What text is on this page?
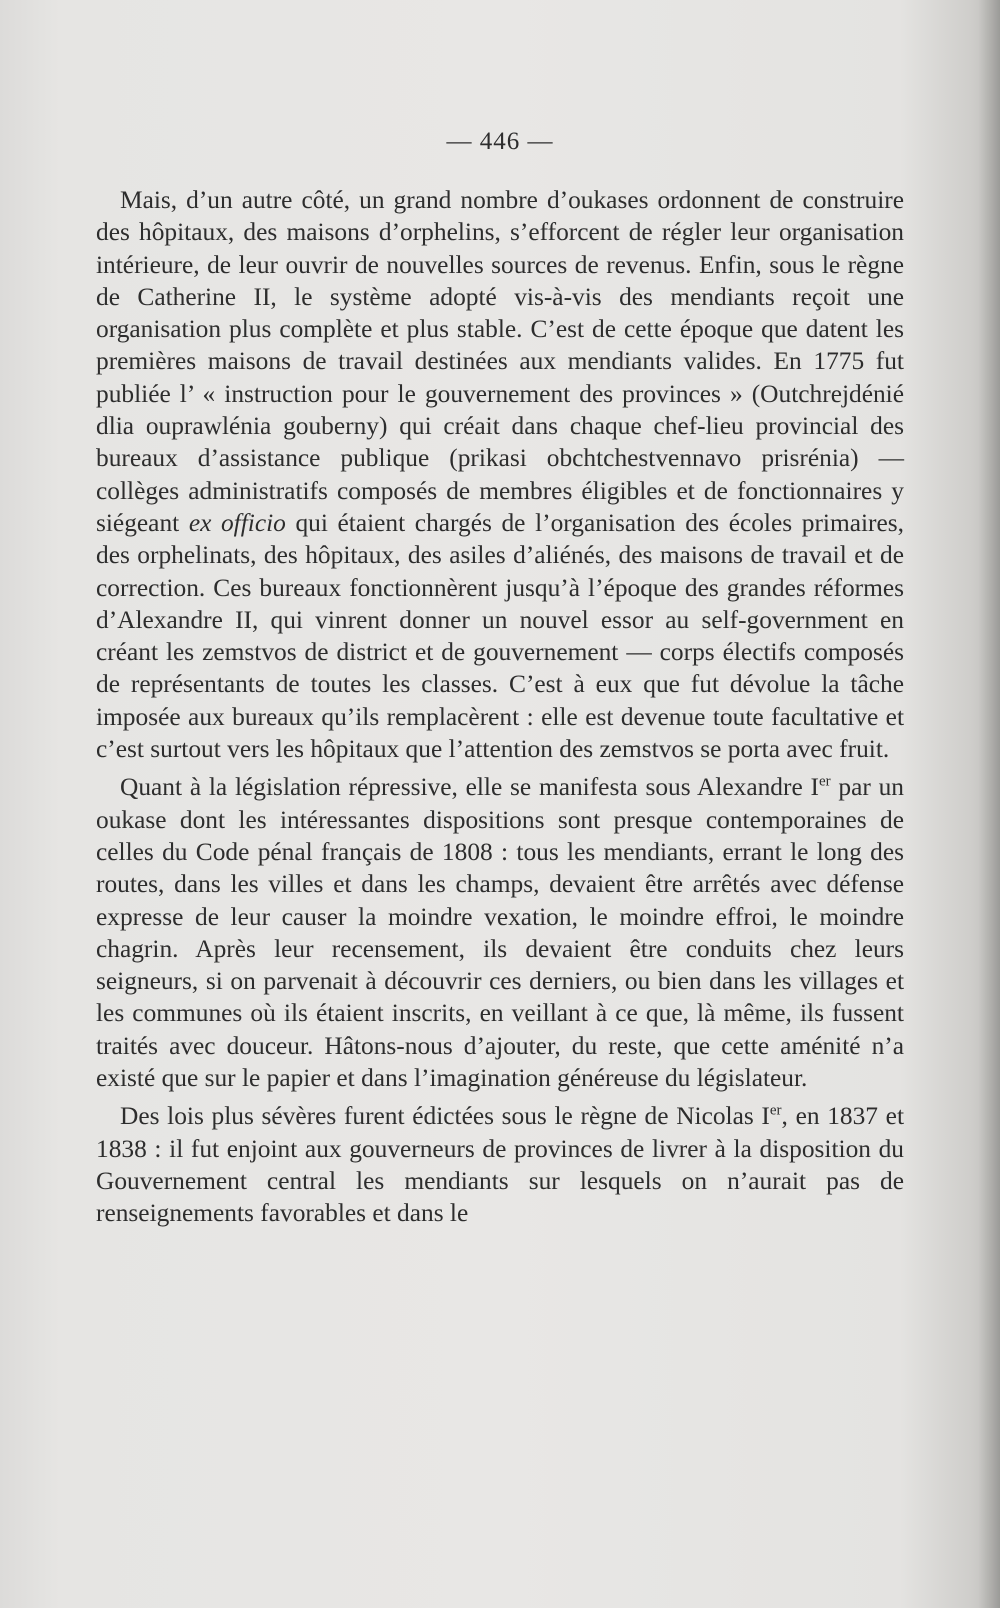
— 446 —

Mais, d’un autre côté, un grand nombre d’oukases ordonnent de construire des hôpitaux, des maisons d’orphelins, s’efforcent de régler leur organisation intérieure, de leur ouvrir de nouvelles sources de revenus. Enfin, sous le règne de Catherine II, le système adopté vis-à-vis des mendiants reçoit une organisation plus complète et plus stable. C’est de cette époque que datent les premières maisons de travail destinées aux mendiants valides. En 1775 fut publiée l’ « instruction pour le gouvernement des provinces » (Outchrejdénié dlia ouprawlénia gouberny) qui créait dans chaque chef-lieu provincial des bureaux d’assistance publique (prikasi obchtchestvennavo prisrénia) — collèges administratifs composés de membres éligibles et de fonctionnaires y siégeant ex officio qui étaient chargés de l’organisation des écoles primaires, des orphelinats, des hôpitaux, des asiles d’aliénés, des maisons de travail et de correction. Ces bureaux fonctionnèrent jusqu’à l’époque des grandes réformes d’Alexandre II, qui vinrent donner un nouvel essor au self-government en créant les zemstvos de district et de gouvernement — corps électifs composés de représentants de toutes les classes. C’est à eux que fut dévolue la tâche imposée aux bureaux qu’ils remplacèrent : elle est devenue toute facultative et c’est surtout vers les hôpitaux que l’attention des zemstvos se porta avec fruit.

Quant à la législation répressive, elle se manifesta sous Alexandre Ier par un oukase dont les intéressantes dispositions sont presque contemporaines de celles du Code pénal français de 1808 : tous les mendiants, errant le long des routes, dans les villes et dans les champs, devaient être arrêtés avec défense expresse de leur causer la moindre vexation, le moindre effroi, le moindre chagrin. Après leur recensement, ils devaient être conduits chez leurs seigneurs, si on parvenait à découvrir ces derniers, ou bien dans les villages et les communes où ils étaient inscrits, en veillant à ce que, là même, ils fussent traités avec douceur. Hâtons-nous d’ajouter, du reste, que cette aménité n’a existé que sur le papier et dans l’imagination généreuse du législateur.

Des lois plus sévères furent édictées sous le règne de Nicolas Ier, en 1837 et 1838 : il fut enjoint aux gouverneurs de provinces de livrer à la disposition du Gouvernement central les mendiants sur lesquels on n’aurait pas de renseignements favorables et dans le
